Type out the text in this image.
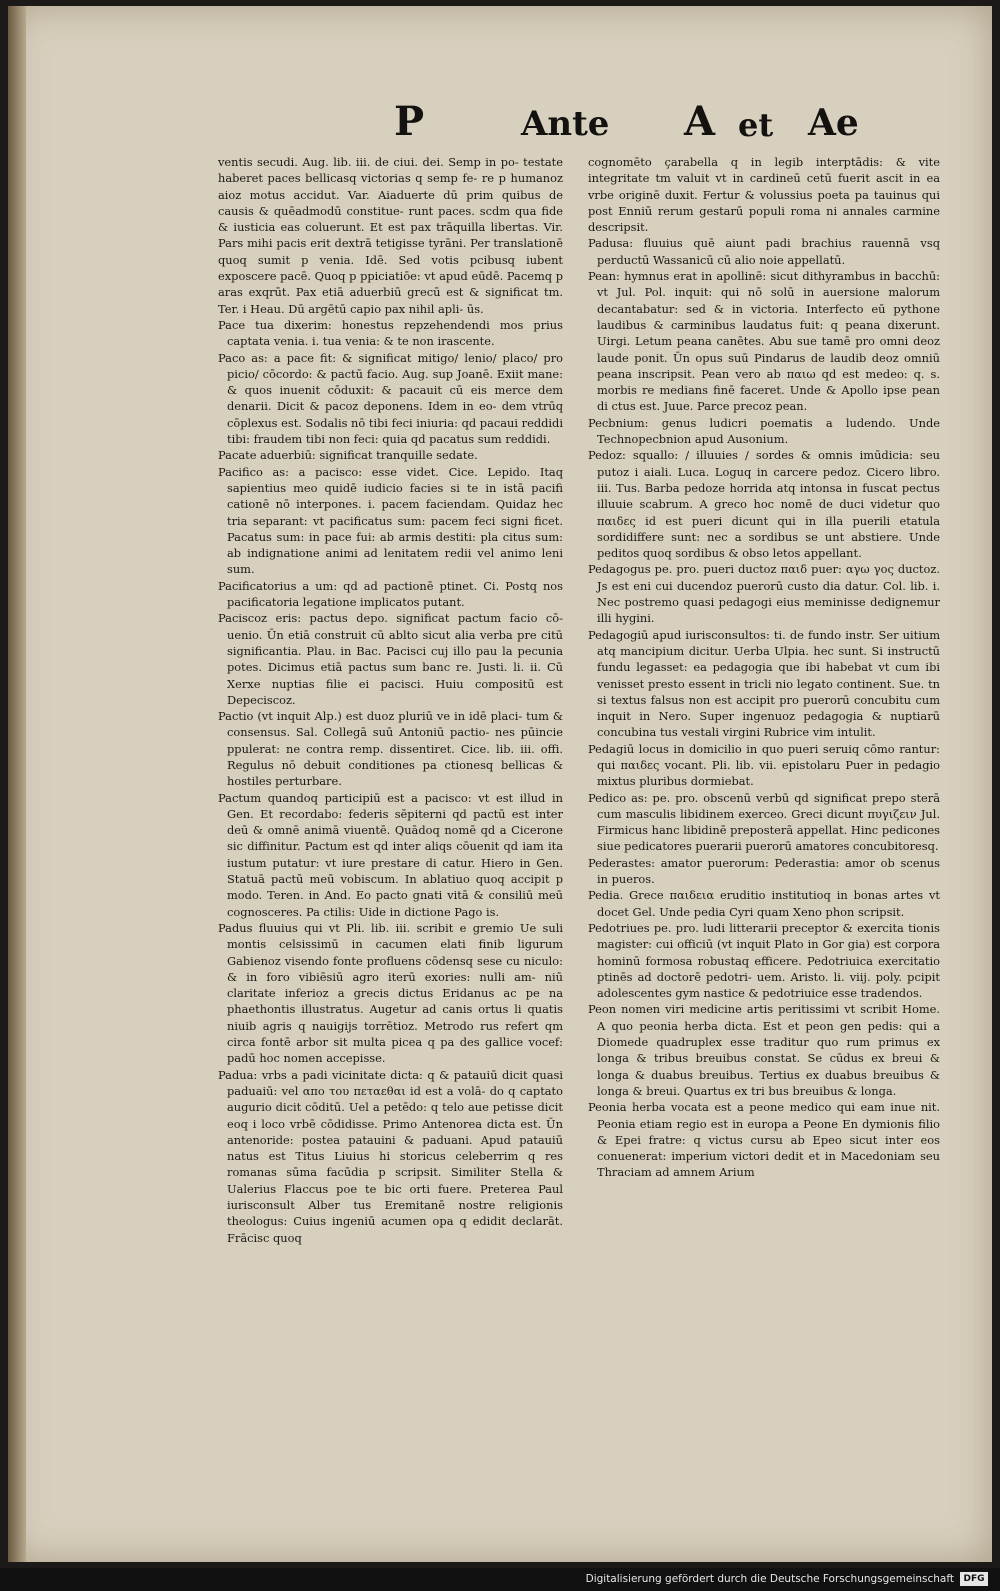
P	Ante A et Ae

ventis secudi. Aug. lib. iii. de ciui. dei. Semp in po- testate haberet paces bellicasq victorias q semp fe- re p humanoz aioz motus accidut. Var. Aiaduerte dū prim quibus de causis & quēadmodū constitue- runt paces. scdm qua fide & iusticia eas coluerunt. Et est pax trāquilla libertas. Vir. Pars mihi pacis erit dextrā tetigisse tyrāni. Per translationē quoq sumit p venia. Idē. Sed votis pcibusq iubent exposcere pacē. Quoq p ppiciatiōe: vt apud eūdē. Pacemq p aras exqrūt. Pax etiā aduerbiū grecū est & significat tm. Ter. i Heau. Dū argētū capio pax nihil apli- ūs.

Pace tua dixerim: honestus repzehendendi mos prius captata venia. i. tua venia: & te non irascente.

Paco as: a pace fit: & significat mitigo/ lenio/ placo/ pro picio/ cōcordo: & pactū facio. Aug. sup Joanē. Exiit mane: & quos inuenit cōduxit: & pacauit cū eis merce dem denarii. Dicit & pacoz deponens. Idem in eo- dem vtrūq cōplexus est. Sodalis nō tibi feci iniuria: qd pacaui reddidi tibi: fraudem tibi non feci: quia qd pacatus sum reddidi.

Pacate aduerbiū: significat tranquille sedate.

Pacifico as: a pacisco: esse videt. Cice. Lepido. Itaq sapientius meo quidē iudicio facies si te in istā pacifi cationē nō interpones. i. pacem faciendam. Quidaz hec tria separant: vt pacificatus sum: pacem feci signi ficet. Pacatus sum: in pace fui: ab armis destiti: pla citus sum: ab indignatione animi ad lenitatem redii vel animo leni sum.

Pacificatorius a um: qd ad pactionē ptinet. Ci. Postq nos pacificatoria legatione implicatos putant.

Paciscoz eris: pactus depo. significat pactum facio cō- uenio. Ūn etiā construit cū ablto sicut alia verba pre citū significantia. Plau. in Bac. Pacisci cuj illo pau la pecunia potes. Dicimus etiā pactus sum banc re. Justi. li. ii. Cū Xerxe nuptias filie ei pacisci. Huiu compositū est Depeciscoz.

Pactio (vt inquit Alp.) est duoz pluriū ve in idē placi- tum & consensus. Sal. Collegā suū Antoniū pactio- nes pūincie ppulerat: ne contra remp. dissentiret. Cice. lib. iii. offi. Regulus nō debuit conditiones pa ctionesq bellicas & hostiles perturbare.

Pactum quandoq participiū est a pacisco: vt est illud in Gen. Et recordabo: federis sēpiterni qd pactū est inter deū & omnē animā viuentē. Quādoq nomē qd a Cicerone sic diffinitur. Pactum est qd inter aliqs cōuenit qd iam ita iustum putatur: vt iure prestare di catur. Hiero in Gen. Statuā pactū meū vobiscum. In ablatiuo quoq accipit p modo. Teren. in And. Eo pacto gnati vitā & consiliū meū cognosceres. Pa ctilis: Uide in dictione Pago is.

Padus fluuius qui vt Pli. lib. iii. scribit e gremio Ue suli montis celsissimū in cacumen elati finib ligurum Gabienoz visendo fonte profluens cōdensq sese cu niculo: & in foro vibiēsiū agro iterū exories: nulli am- niū claritate inferioz a grecis dictus Eridanus ac pe na phaethontis illustratus. Augetur ad canis ortus li quatis niuib agris q nauigijs torrētioz. Metrodo rus refert qm circa fontē arbor sit multa picea q pa des gallice vocef: padū hoc nomen accepisse.

Padua: vrbs a padi vicinitate dicta: q & patauiū dicit quasi paduaiū: vel απο του πεταεθαι id est a volā- do q captato augurio dicit cōditū. Uel a petēdo: q telo aue petisse dicit eoq i loco vrbē cōdidisse. Primo Antenorea dicta est. Ūn antenoride: postea patauini & paduani. Apud patauiū natus est Titus Liuius hi storicus celeberrim q res romanas sūma facūdia p scripsit. Similiter Stella & Ualerius Flaccus poe te bic orti fuere. Preterea Paul iurisconsult Alber tus Eremitanē nostre religionis theologus: Cuius ingeniū acumen opa q edidit declarāt. Frācisc quoq

cognomēto çarabella q in legib interptādis: & vite integritate tm valuit vt in cardineū cetū fuerit ascit in ea vrbe originē duxit. Fertur & volussius poeta pa tauinus qui post Enniū rerum gestarū populi roma ni annales carmine descripsit.

Padusa: fluuius quē aiunt padi brachius rauennā vsq perductū Wassanicū cū alio noie appellatū.

Pean: hymnus erat in apollinē: sicut dithyrambus in bacchū: vt Jul. Pol. inquit: qui nō solū in auersione malorum decantabatur: sed & in victoria. Interfecto eū pythone laudibus & carminibus laudatus fuit: q peana dixerunt. Uirgi. Letum peana canētes. Abu sue tamē pro omni deoz laude ponit. Ūn opus suū Pindarus de laudib deoz omniū peana inscripsit. Pean vero ab παιω qd est medeo: q. s. morbis re medians finē faceret. Unde & Apollo ipse pean di ctus est. Juue. Parce precoz pean.

Pecbnium: genus ludicri poematis a ludendo. Unde Technopecbnion apud Ausonium.

Pedoz: squallo: / illuuies / sordes & omnis imūdicia: seu putoz i aiali. Luca. Loguq in carcere pedoz. Cicero libro. iii. Tus. Barba pedoze horrida atq intonsa in fuscat pectus illuuie scabrum. A greco hoc nomē de duci videtur quo παιδες id est pueri dicunt qui in illa puerili etatula sordidiffere sunt: nec a sordibus se unt abstiere. Unde peditos quoq sordibus & obso letos appellant.

Pedagogus pe. pro. pueri ductoz παιδ puer: αγω γος ductoz. Js est eni cui ducendoz puerorū custo dia datur. Col. lib. i. Nec postremo quasi pedagogi eius meminisse dedignemur illi hygini.

Pedagogiū apud iurisconsultos: ti. de fundo instr. Ser uitium atq mancipium dicitur. Uerba Ulpia. hec sunt. Si instructū fundu legasset: ea pedagogia que ibi habebat vt cum ibi venisset presto essent in tricli nio legato continent. Sue. tn si textus falsus non est accipit pro puerorū concubitu cum inquit in Nero. Super ingenuoz pedagogia & nuptiarū concubina tus vestali virgini Rubrice vim intulit.

Pedagiū locus in domicilio in quo pueri seruiq cōmo rantur: qui παιδες vocant. Pli. lib. vii. epistolaru Puer in pedagio mixtus pluribus dormiebat.

Pedico as: pe. pro. obscenū verbū qd significat prepo sterā cum masculis libidinem exerceo. Greci dicunt πυγιζειν Jul. Firmicus hanc libidinē preposterā appellat. Hinc pedicones siue pedicatores puerarii puerorū amatores concubitoresq.

Pederastes: amator puerorum: Pederastia: amor ob scenus in pueros.

Pedia. Grece παιδεια eruditio institutioq in bonas artes vt docet Gel. Unde pedia Cyri quam Xeno phon scripsit.

Pedotriues pe. pro. ludi litterarii preceptor & exercita tionis magister: cui officiū (vt inquit Plato in Gor gia) est corpora hominū formosa robustaq efficere. Pedotriuica exercitatio ptinēs ad doctorē pedotri- uem. Aristo. li. viij. poly. pcipit adolescentes gym nastice & pedotriuice esse tradendos.

Peon nomen viri medicine artis peritissimi vt scribit Home. A quo peonia herba dicta. Est et peon gen pedis: qui a Diomede quadruplex esse traditur quo rum primus ex longa & tribus breuibus constat. Se cūdus ex breui & longa & duabus breuibus. Tertius ex duabus breuibus & longa & breui. Quartus ex tri bus breuibus & longa.

Peonia herba vocata est a peone medico qui eam inue nit. Peonia etiam regio est in europa a Peone En dymionis filio & Epei fratre: q victus cursu ab Epeo sicut inter eos conuenerat: imperium victori dedit et in Macedoniam seu Thraciam ad amnem Arium

Digitalisierung gefördert durch die Deutsche Forschungsgemeinschaft	DFG
